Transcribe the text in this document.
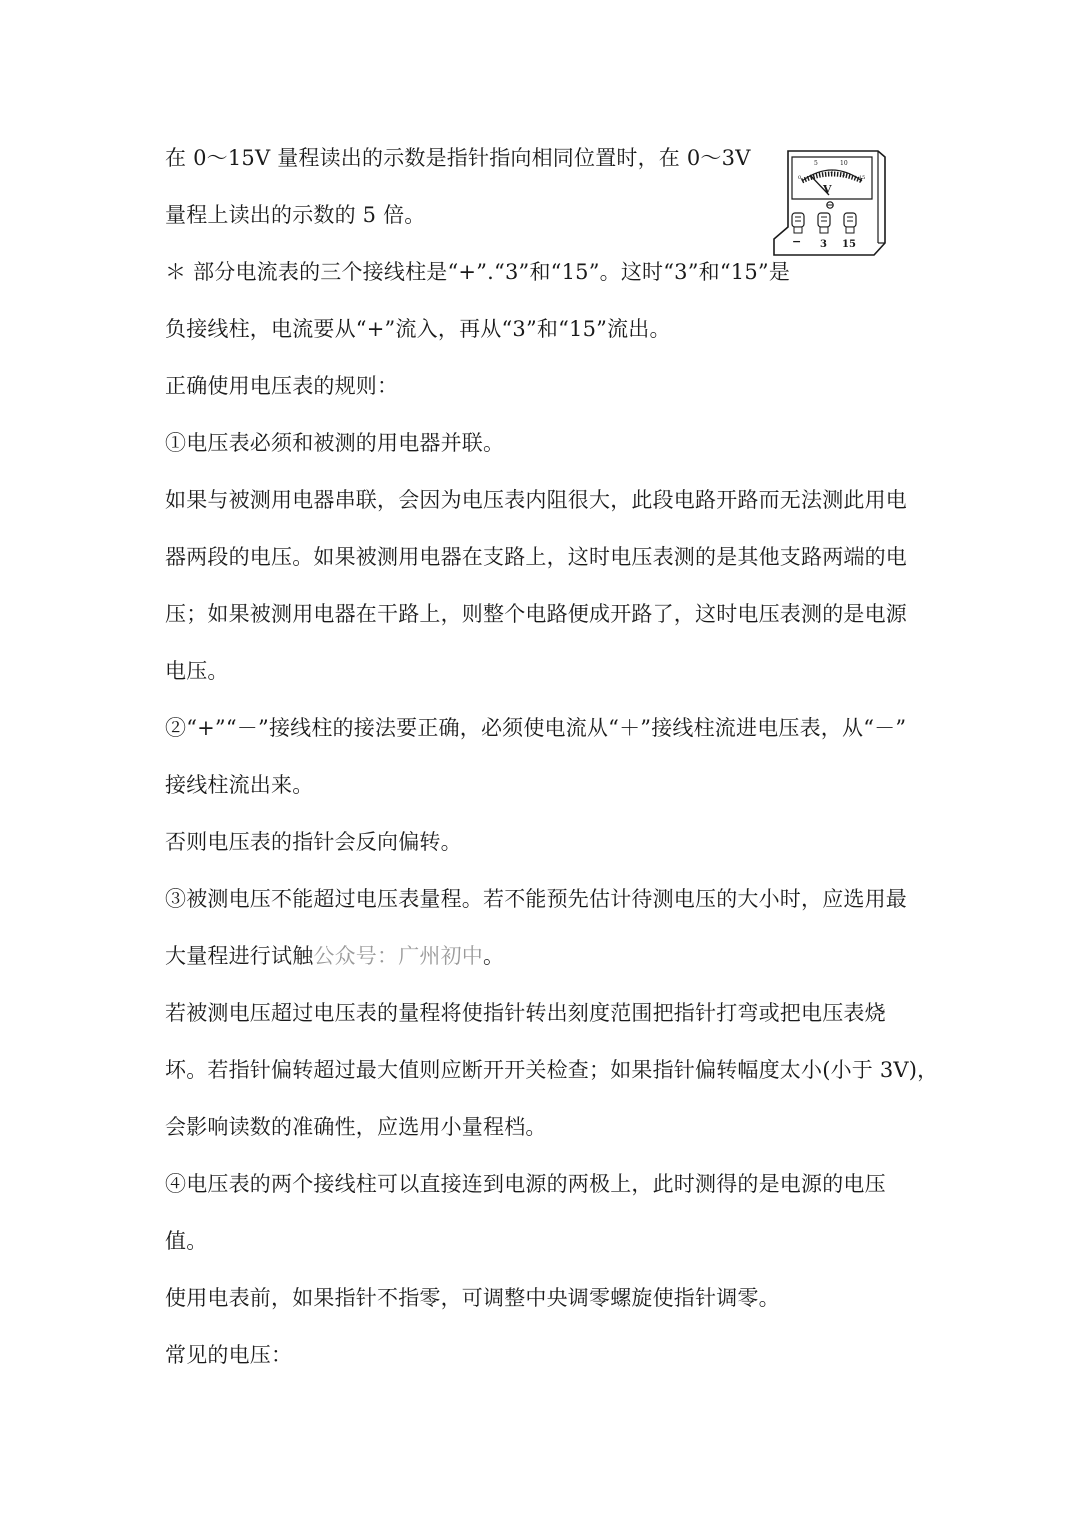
在 0～15V 量程读出的示数是指针指向相同位置时，在 0～3V
量程上读出的示数的 5 倍。
＊ 部分电流表的三个接线柱是“+”.“3”和“15”。这时“3”和“15”是
负接线柱，电流要从“+”流入，再从“3”和“15”流出。
正确使用电压表的规则：
①电压表必须和被测的用电器并联。
如果与被测用电器串联，会因为电压表内阻很大，此段电路开路而无法测此用电
器两段的电压。如果被测用电器在支路上，这时电压表测的是其他支路两端的电
压；如果被测用电器在干路上，则整个电路便成开路了，这时电压表测的是电源
电压。
②“+”“－”接线柱的接法要正确，必须使电流从“＋”接线柱流进电压表，从“－”
接线柱流出来。
否则电压表的指针会反向偏转。
③被测电压不能超过电压表量程。若不能预先估计待测电压的大小时，应选用最
大量程进行试触公众号：广州初中。
若被测电压超过电压表的量程将使指针转出刻度范围把指针打弯或把电压表烧
坏。若指针偏转超过最大值则应断开开关检查；如果指针偏转幅度太小(小于 3V)，
会影响读数的准确性，应选用小量程档。
④电压表的两个接线柱可以直接连到电源的两极上，此时测得的是电源的电压
值。
使用电表前，如果指针不指零，可调整中央调零螺旋使指针调零。
常见的电压：
5	10
0	15
1 2 3
V
− 3 15
